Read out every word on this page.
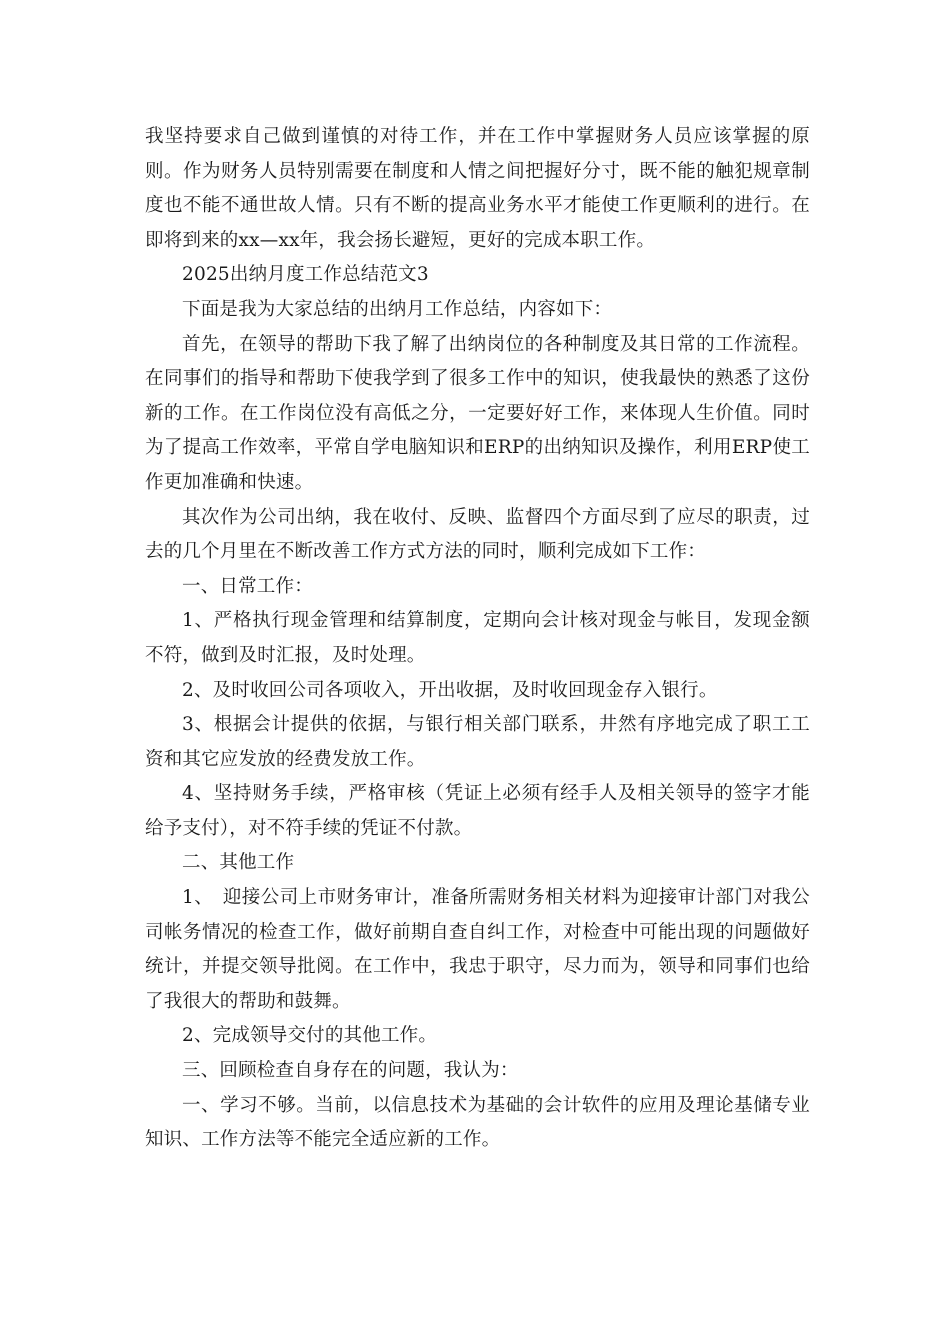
我坚持要求自己做到谨慎的对待工作，并在工作中掌握财务人员应该掌握的原则。作为财务人员特别需要在制度和人情之间把握好分寸，既不能的触犯规章制度也不能不通世故人情。只有不断的提高业务水平才能使工作更顺利的进行。在即将到来的xx—xx年，我会扬长避短，更好的完成本职工作。

2025出纳月度工作总结范文3

下面是我为大家总结的出纳月工作总结，内容如下：

首先，在领导的帮助下我了解了出纳岗位的各种制度及其日常的工作流程。在同事们的指导和帮助下使我学到了很多工作中的知识，使我最快的熟悉了这份新的工作。在工作岗位没有高低之分，一定要好好工作，来体现人生价值。同时为了提高工作效率，平常自学电脑知识和ERP的出纳知识及操作，利用ERP使工作更加准确和快速。

其次作为公司出纳，我在收付、反映、监督四个方面尽到了应尽的职责，过去的几个月里在不断改善工作方式方法的同时，顺利完成如下工作：

一、日常工作：

1、严格执行现金管理和结算制度，定期向会计核对现金与帐目，发现金额不符，做到及时汇报，及时处理。

2、及时收回公司各项收入，开出收据，及时收回现金存入银行。

3、根据会计提供的依据，与银行相关部门联系，井然有序地完成了职工工资和其它应发放的经费发放工作。

4、坚持财务手续，严格审核（凭证上必须有经手人及相关领导的签字才能给予支付），对不符手续的凭证不付款。

二、其他工作

1、　迎接公司上市财务审计，准备所需财务相关材料为迎接审计部门对我公司帐务情况的检查工作，做好前期自查自纠工作，对检查中可能出现的问题做好统计，并提交领导批阅。在工作中，我忠于职守，尽力而为，领导和同事们也给了我很大的帮助和鼓舞。

2、完成领导交付的其他工作。

三、回顾检查自身存在的问题，我认为：

一、学习不够。当前，以信息技术为基础的会计软件的应用及理论基储专业知识、工作方法等不能完全适应新的工作。
